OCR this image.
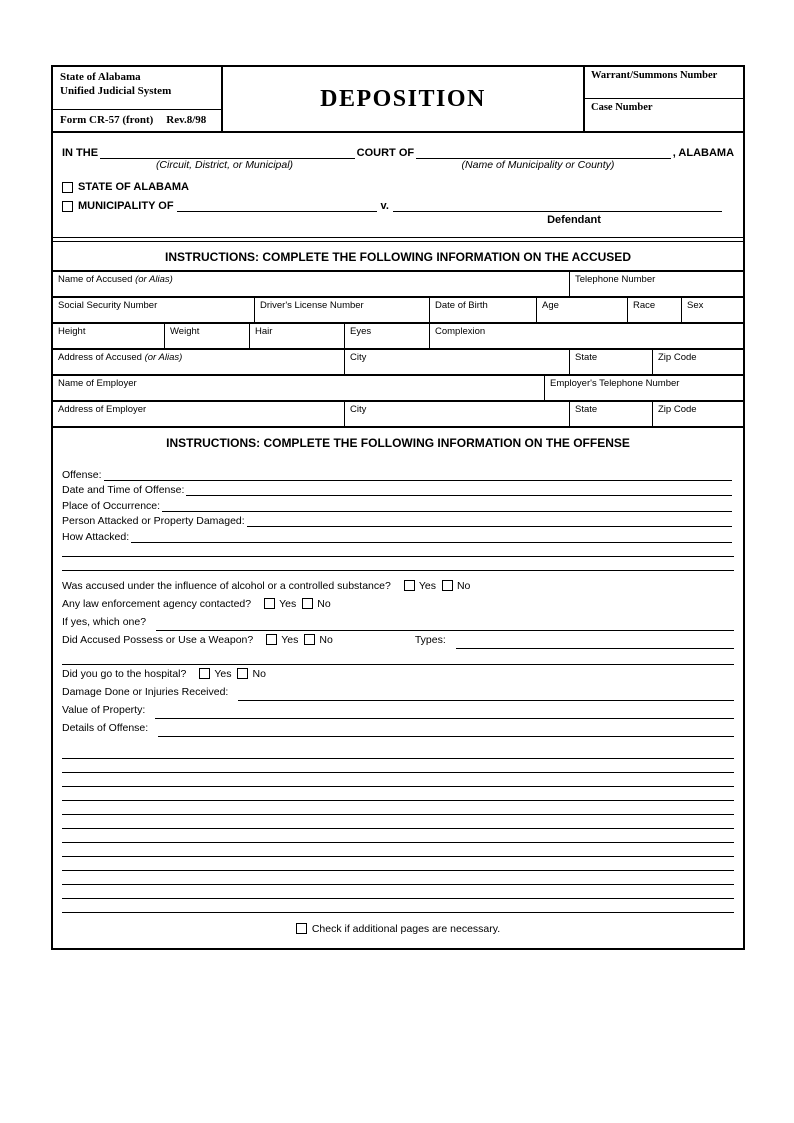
State of Alabama
Unified Judicial System
Form CR-57 (front) Rev.8/98
DEPOSITION
Warrant/Summons Number
Case Number
IN THE	COURT OF	, ALABAMA
(Circuit, District, or Municipal)	(Name of Municipality or County)
STATE OF ALABAMA
MUNICIPALITY OF	v.
Defendant
INSTRUCTIONS: COMPLETE THE FOLLOWING INFORMATION ON THE ACCUSED
Name of Accused (or Alias)	Telephone Number
Social Security Number	Driver's License Number	Date of Birth	Age	Race	Sex
Height	Weight	Hair	Eyes	Complexion
Address of Accused (or Alias)	City	State	Zip Code
Name of Employer	Employer's Telephone Number
Address of Employer	City	State	Zip Code
INSTRUCTIONS: COMPLETE THE FOLLOWING INFORMATION ON THE OFFENSE
Offense:
Date and Time of Offense:
Place of Occurrence:
Person Attacked or Property Damaged:
How Attacked:
Was accused under the influence of alcohol or a controlled substance?	Yes No
Any law enforcement agency contacted?	Yes No
If yes, which one?
Did Accused Possess or Use a Weapon?	Yes No	Types:
Did you go to the hospital?	Yes No
Damage Done or Injuries Received:
Value of Property:
Details of Offense:
Check if additional pages are necessary.
